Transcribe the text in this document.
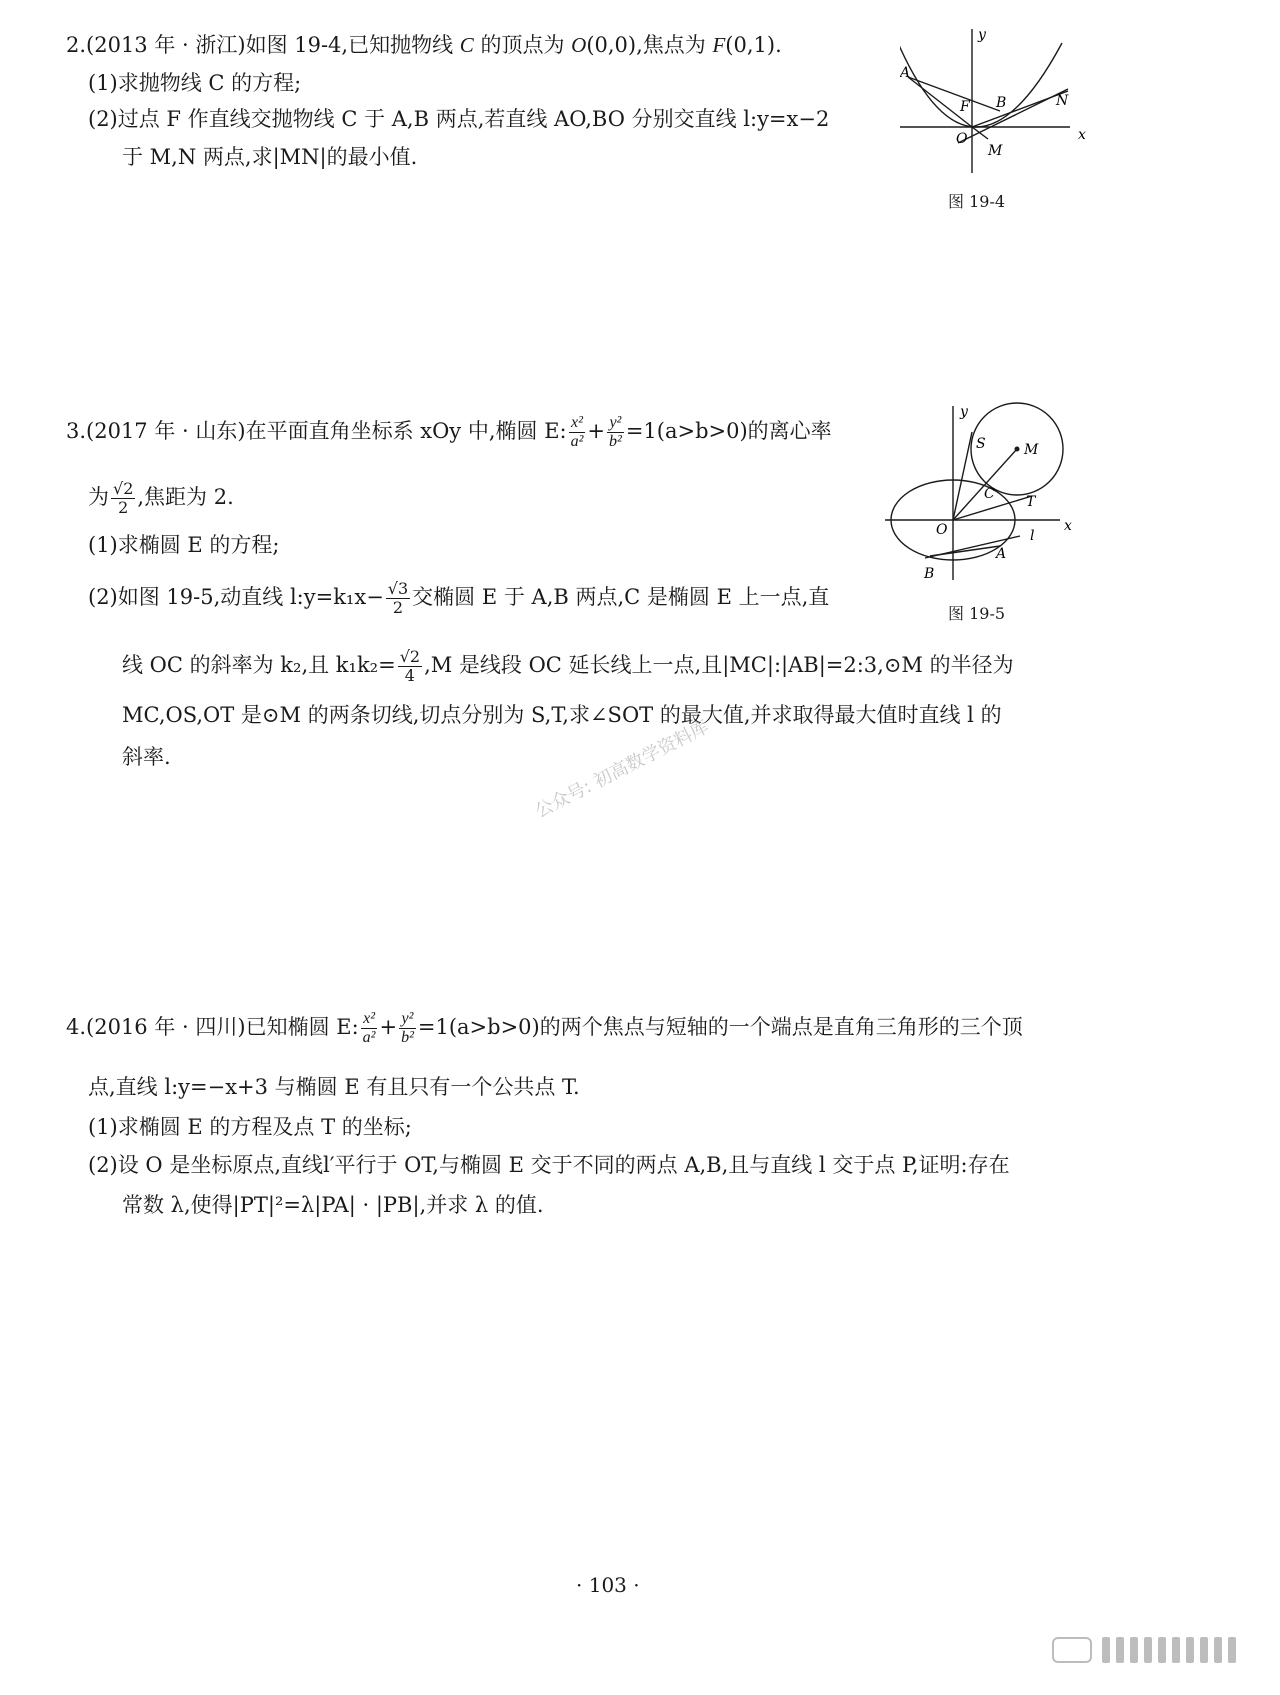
2.(2013 年 · 浙江)如图 19-4,已知抛物线 C 的顶点为 O(0,0),焦点为 F(0,1).
(1)求抛物线 C 的方程;
(2)过点 F 作直线交抛物线 C 于 A,B 两点,若直线 AO,BO 分别交直线 l:y=x−2
于 M,N 两点,求|MN|的最小值.
y
x
A
F B	N
O
M
图 19-4
3.(2017 年 · 山东)在平面直角坐标系 xOy 中,椭圆 E: $\frac{\text{x²}}{\text{a²}} + \frac{\text{y²}}{\text{b²}} =1(a>b>0)$的离心率
为 $\frac{√2}{2}$ ,焦距为 2.
(1)求椭圆 E 的方程;
(2)如图 19-5,动直线 l:y=k₁x− $\frac{√3}{2}$ 交椭圆 E 于 A,B 两点,C 是椭圆 E 上一点,直
线 OC 的斜率为 k₂,且 $k_1k_2= \frac{√2}{4} ,M$ 是线段 OC 延长线上一点,且|MC|:|AB|=2:3,⊙M 的半径为
MC,OS,OT 是⊙M 的两条切线,切点分别为 S,T,求∠SOT 的最大值,并求取得最大值时直线 l 的
斜率.
y
x
S	M
C T
O	l
A
B
图 19-5
公众号: 初高数学资料库
4.(2016 年 · 四川)已知椭圆 E: $\frac{\text{x²}}{\text{a²}} + \frac{\text{y²}}{\text{b²}} =1(a>b>0)$的两个焦点与短轴的一个端点是直角三角形的三个顶
点,直线 l:y=−x+3 与椭圆 E 有且只有一个公共点 T.
(1)求椭圆 E 的方程及点 T 的坐标;
(2)设 O 是坐标原点,直线l′平行于 OT,与椭圆 E 交于不同的两点 A,B,且与直线 l 交于点 P,证明:存在
常数 λ,使得|PT|²=λ|PA| · |PB|,并求 λ 的值.
· 103 ·
